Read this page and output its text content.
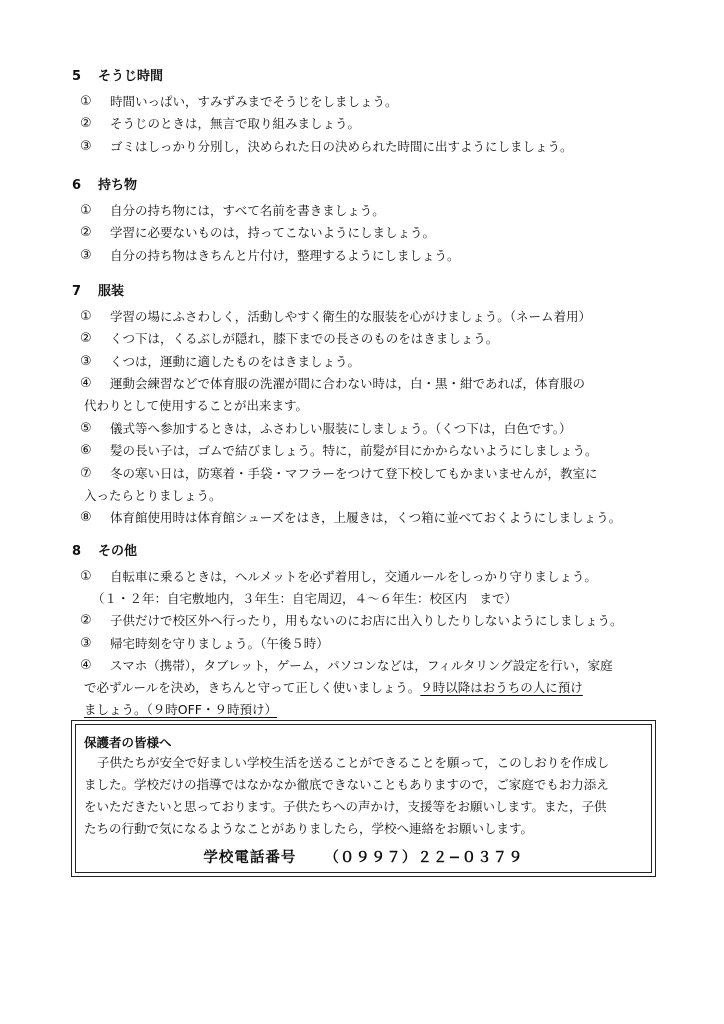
5 そうじ時間
①	時間いっぱい，すみずみまでそうじをしましょう。
②	そうじのときは，無言で取り組みましょう。
③	ゴミはしっかり分別し，決められた日の決められた時間に出すようにしましょう。
6 持ち物
①	自分の持ち物には，すべて名前を書きましょう。
②	学習に必要ないものは，持ってこないようにしましょう。
③	自分の持ち物はきちんと片付け，整理するようにしましょう。
7 服装
①	学習の場にふさわしく，活動しやすく衛生的な服装を心がけましょう。（ネーム着用）
②	くつ下は，くるぶしが隠れ，膝下までの長さのものをはきましょう。
③	くつは，運動に適したものをはきましょう。
④	運動会練習などで体育服の洗濯が間に合わない時は，白・黒・紺であれば，体育服の
代わりとして使用することが出来ます。
⑤	儀式等へ参加するときは，ふさわしい服装にしましょう。（くつ下は，白色です。）
⑥	髪の長い子は，ゴムで結びましょう。特に，前髪が目にかからないようにしましょう。
⑦	冬の寒い日は，防寒着・手袋・マフラーをつけて登下校してもかまいませんが，教室に
入ったらとりましょう。
⑧	体育館使用時は体育館シューズをはき，上履きは，くつ箱に並べておくようにしましょう。
8 その他
①	自転車に乗るときは，ヘルメットを必ず着用し，交通ルールをしっかり守りましょう。
（１・２年：自宅敷地内，３年生：自宅周辺，４～６年生：校区内　まで）
②	子供だけで校区外へ行ったり，用もないのにお店に出入りしたりしないようにしましょう。
③	帰宅時刻を守りましょう。（午後５時）
④	スマホ（携帯），タブレット，ゲーム，パソコンなどは，フィルタリング設定を行い，家庭
で必ずルールを決め，きちんと守って正しく使いましょう。９時以降はおうちの人に預け
ましょう。（９時OFF・９時預け）
保護者の皆様へ
子供たちが安全で好ましい学校生活を送ることができることを願って，このしおりを作成し
ました。学校だけの指導ではなかなか徹底できないこともありますので，ご家庭でもお力添え
をいただきたいと思っております。子供たちへの声かけ，支援等をお願いします。また，子供
たちの行動で気になるようなことがありましたら，学校へ連絡をお願いします。
学校電話番号 （０９９７）２２−０３７９
